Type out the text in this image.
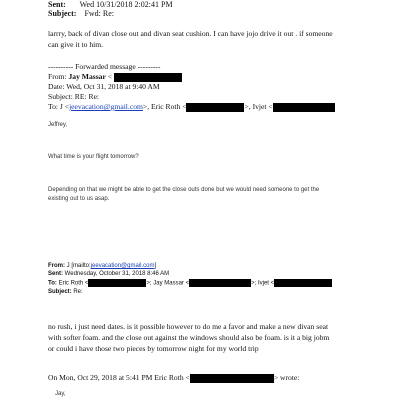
Sent: Wed 10/31/2018 2:02:41 PM
Subject: Fwd: Re:
larrry, back of divan close out and divan seat cushion. I can have jojo drive it out . if someone
can give it to him.
---------- Forwarded message ---------
From: Jay Massar <
Date: Wed, Oct 31, 2018 at 9:40 AM
Subject: RE: Re:
To: J <jeevacation@gmail.com>, Eric Roth <	>, Ivjet <
Jeffrey,
What time is your flight tomorrow?
Depending on that we might be able to get the close outs done but we would need someone to get the
existing out to us asap.
From: J [mailto:jeevacation@gmail.com]
Sent: Wednesday, October 31, 2018 8:46 AM
To: Eric Roth <	>; Jay Massar <	>; Ivjet <
Subject: Re:
no rush, i just need dates. is it possible however to do me a favor and make a new divan seat
with softer foam. and the close out against the windows should also be foam. is it a big jobm
or could i have those two pieces by tomorrow night for my world trip
On Mon, Oct 29, 2018 at 5:41 PM Eric Roth <	> wrote:
Jay,
